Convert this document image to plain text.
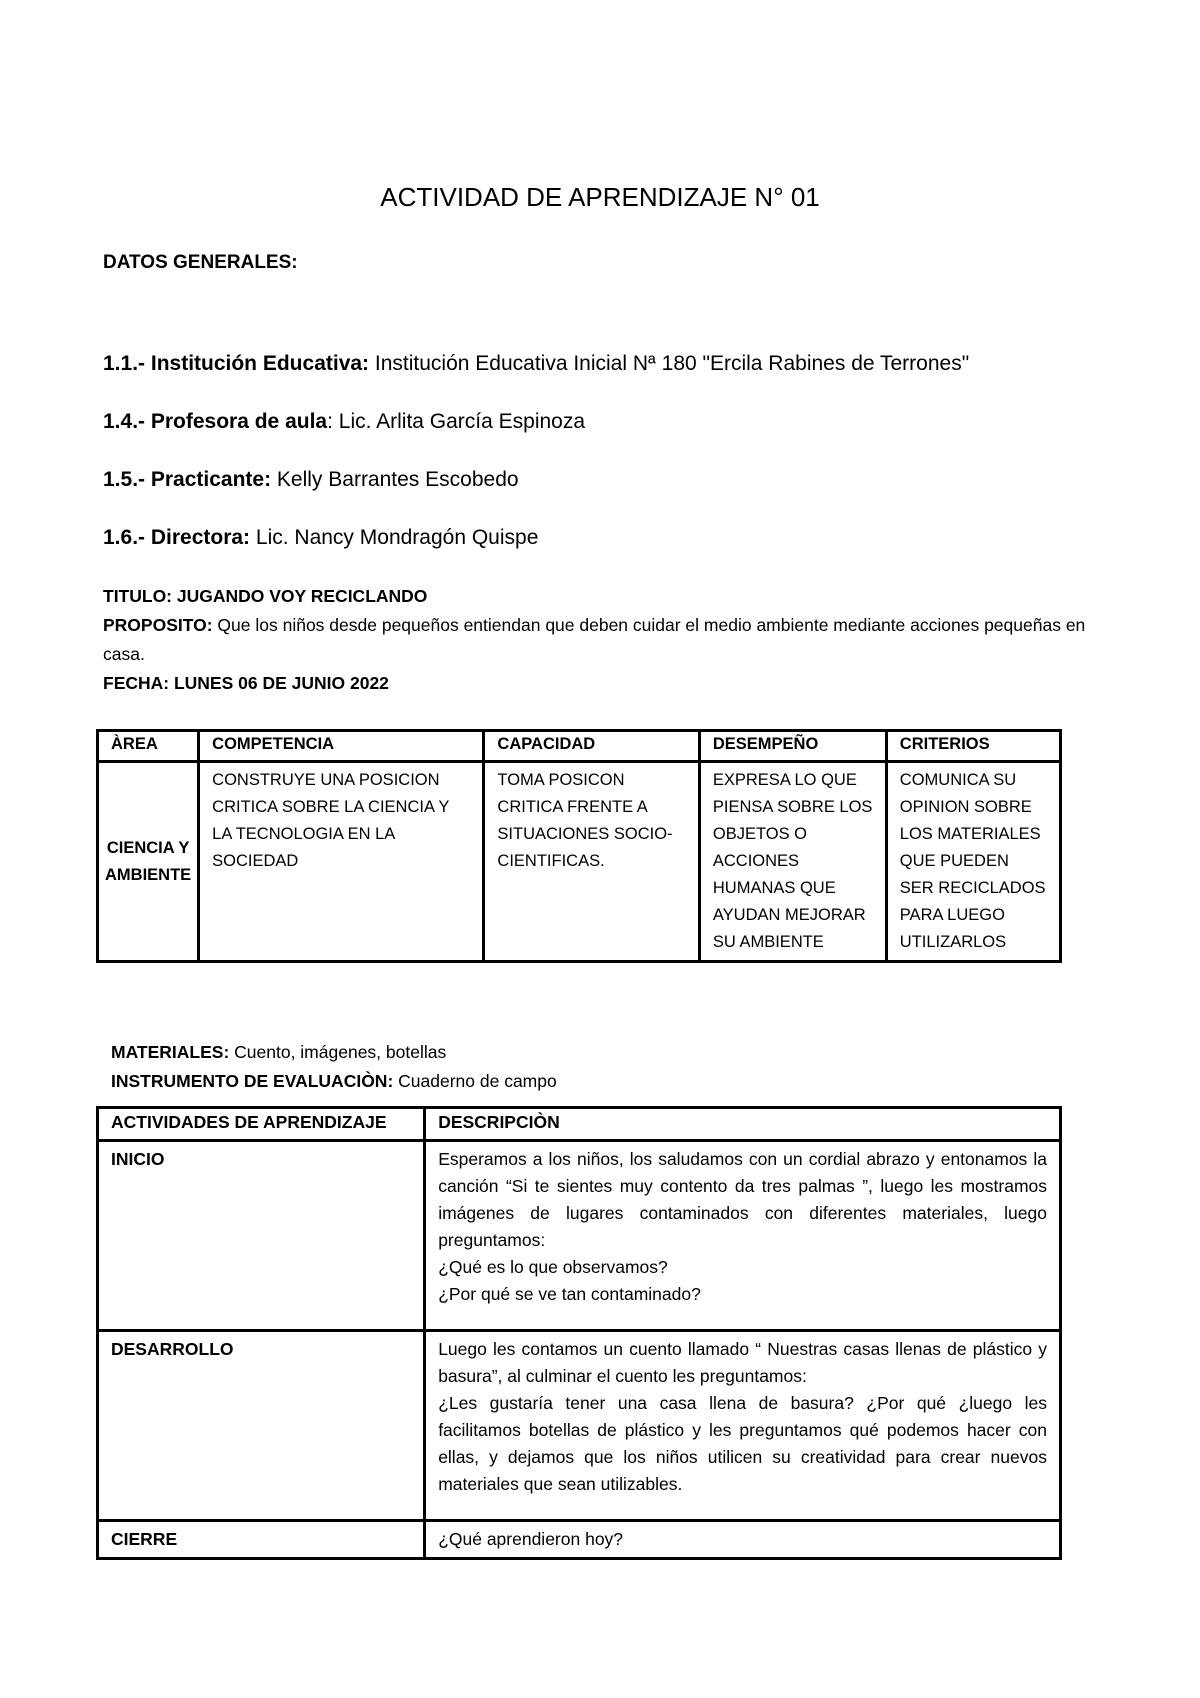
ACTIVIDAD DE APRENDIZAJE N° 01
DATOS GENERALES:
1.1.- Institución Educativa: Institución Educativa Inicial Nª 180 "Ercila Rabines de Terrones"
1.4.- Profesora de aula: Lic. Arlita García Espinoza
1.5.- Practicante: Kelly Barrantes Escobedo
1.6.- Directora: Lic. Nancy Mondragón Quispe
TITULO: JUGANDO VOY RECICLANDO
PROPOSITO: Que los niños desde pequeños entiendan que deben cuidar el medio ambiente mediante acciones pequeñas en casa.
FECHA: LUNES 06 DE JUNIO 2022
ÀREA	COMPETENCIA	CAPACIDAD	DESEMPEÑO	CRITERIOS
CIENCIA Y AMBIENTE	CONSTRUYE UNA POSICION CRITICA SOBRE LA CIENCIA Y LA TECNOLOGIA EN LA SOCIEDAD	TOMA POSICON CRITICA FRENTE A SITUACIONES SOCIO-CIENTIFICAS.	EXPRESA LO QUE PIENSA SOBRE LOS OBJETOS O ACCIONES HUMANAS QUE AYUDAN MEJORAR SU AMBIENTE	COMUNICA SU OPINION SOBRE LOS MATERIALES QUE PUEDEN SER RECICLADOS PARA LUEGO UTILIZARLOS
MATERIALES: Cuento, imágenes, botellas
INSTRUMENTO DE EVALUACIÒN: Cuaderno de campo
ACTIVIDADES DE APRENDIZAJE	DESCRIPCIÒN
INICIO	Esperamos a los niños, los saludamos con un cordial abrazo y entonamos la canción “Si te sientes muy contento da tres palmas ”, luego les mostramos imágenes de lugares contaminados con diferentes materiales, luego preguntamos:
¿Qué es lo que observamos?
¿Por qué se ve tan contaminado?

DESARROLLO	Luego les contamos un cuento llamado “ Nuestras casas llenas de plástico y basura”, al culminar el cuento les preguntamos:
¿Les gustaría tener una casa llena de basura? ¿Por qué ¿luego les facilitamos botellas de plástico y les preguntamos qué podemos hacer con ellas, y dejamos que los niños utilicen su creatividad para crear nuevos materiales que sean utilizables.

CIERRE	¿Qué aprendieron hoy?
